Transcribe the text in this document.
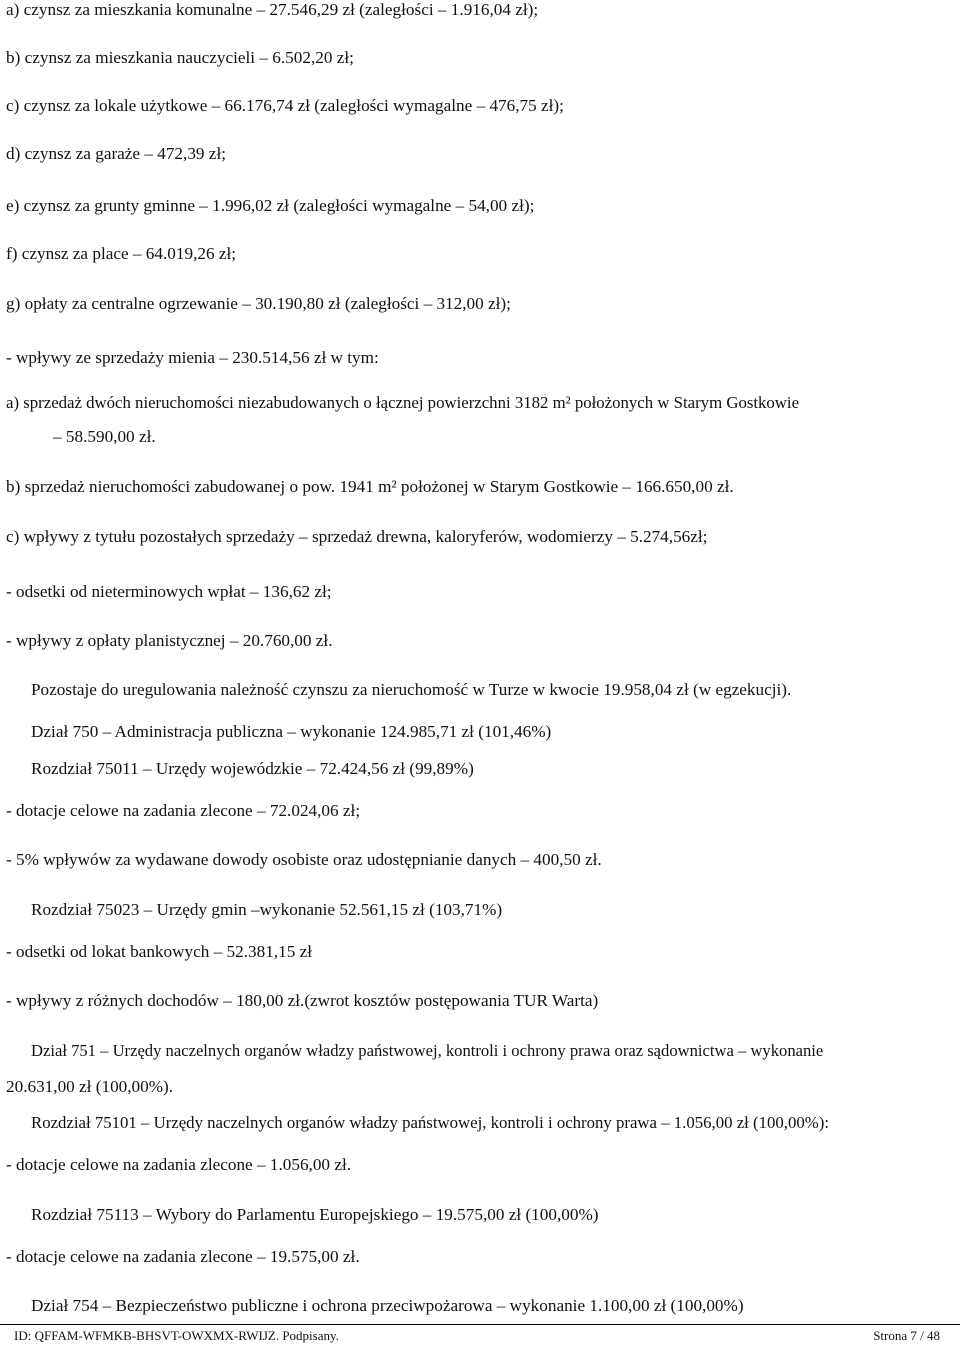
a) czynsz za mieszkania komunalne – 27.546,29 zł (zaległości – 1.916,04 zł);
b) czynsz za mieszkania nauczycieli – 6.502,20 zł;
c) czynsz za lokale użytkowe – 66.176,74 zł (zaległości wymagalne – 476,75 zł);
d) czynsz za garaże – 472,39 zł;
e) czynsz za grunty gminne – 1.996,02 zł (zaległości wymagalne – 54,00 zł);
f) czynsz za place – 64.019,26 zł;
g) opłaty za centralne ogrzewanie – 30.190,80 zł (zaległości – 312,00 zł);
- wpływy ze sprzedaży mienia – 230.514,56 zł w tym:
a) sprzedaż dwóch nieruchomości niezabudowanych o łącznej powierzchni 3182 m² położonych w Starym Gostkowie
– 58.590,00 zł.
b) sprzedaż nieruchomości zabudowanej o pow. 1941 m² położonej w Starym Gostkowie – 166.650,00 zł.
c) wpływy z tytułu pozostałych sprzedaży – sprzedaż drewna, kaloryferów, wodomierzy – 5.274,56zł;
- odsetki od nieterminowych wpłat – 136,62 zł;
- wpływy z opłaty planistycznej – 20.760,00 zł.
Pozostaje do uregulowania należność czynszu za nieruchomość w Turze w kwocie 19.958,04 zł (w egzekucji).
Dział 750 – Administracja publiczna – wykonanie 124.985,71 zł (101,46%)
Rozdział 75011 – Urzędy wojewódzkie – 72.424,56 zł (99,89%)
- dotacje celowe na zadania zlecone – 72.024,06 zł;
- 5% wpływów za wydawane dowody osobiste oraz udostępnianie danych – 400,50 zł.
Rozdział 75023 – Urzędy gmin –wykonanie 52.561,15 zł (103,71%)
- odsetki od lokat bankowych – 52.381,15 zł
- wpływy z różnych dochodów – 180,00 zł.(zwrot kosztów postępowania TUR Warta)
Dział 751 – Urzędy naczelnych organów władzy państwowej, kontroli i ochrony prawa oraz sądownictwa – wykonanie
20.631,00 zł (100,00%).
Rozdział 75101 – Urzędy naczelnych organów władzy państwowej, kontroli i ochrony prawa – 1.056,00 zł (100,00%):
- dotacje celowe na zadania zlecone – 1.056,00 zł.
Rozdział 75113 – Wybory do Parlamentu Europejskiego – 19.575,00 zł (100,00%)
- dotacje celowe na zadania zlecone – 19.575,00 zł.
Dział 754 – Bezpieczeństwo publiczne i ochrona przeciwpożarowa – wykonanie 1.100,00 zł (100,00%)
ID: QFFAM-WFMKB-BHSVT-OWXMX-RWIJZ. Podpisany.	Strona 7 / 48
